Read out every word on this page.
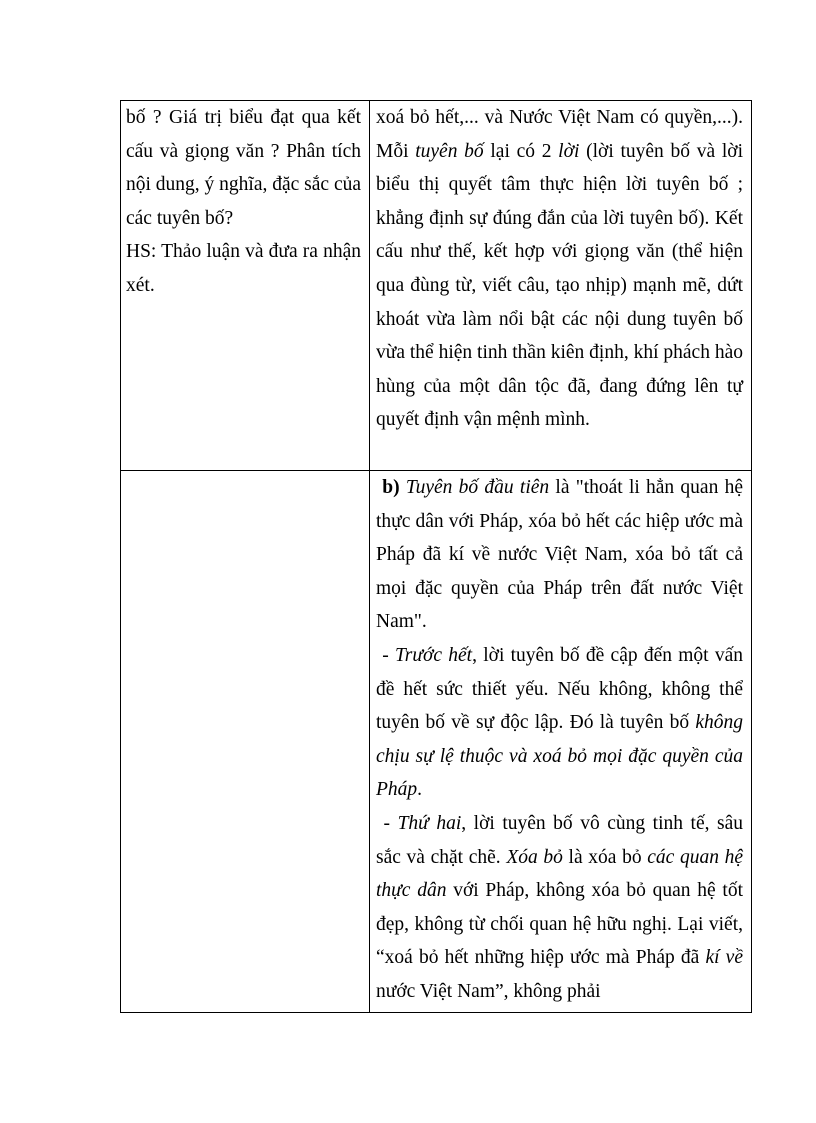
bố ? Giá trị biểu đạt qua kết cấu và giọng văn ? Phân tích nội dung, ý nghĩa, đặc sắc của các tuyên bố?

HS: Thảo luận và đưa ra nhận xét.	xoá bỏ hết,... và Nước Việt Nam có quyền,...). Mỗi tuyên bố lại có 2 lời (lời tuyên bố và lời biểu thị quyết tâm thực hiện lời tuyên bố ; khẳng định sự đúng đắn của lời tuyên bố). Kết cấu như thế, kết hợp với giọng văn (thể hiện qua đùng từ, viết câu, tạo nhịp) mạnh mẽ, dứt khoát vừa làm nổi bật các nội dung tuyên bố vừa thể hiện tinh thần kiên định, khí phách hào hùng của một dân tộc đã, đang đứng lên tự quyết định vận mệnh mình.

	b) Tuyên bố đầu tiên là "thoát li hẳn quan hệ thực dân với Pháp, xóa bỏ hết các hiệp ước mà Pháp đã kí về nước Việt Nam, xóa bỏ tất cả mọi đặc quyền của Pháp trên đất nước Việt Nam".

- Trước hết, lời tuyên bố đề cập đến một vấn đề hết sức thiết yếu. Nếu không, không thể tuyên bố về sự độc lập. Đó là tuyên bố không chịu sự lệ thuộc và xoá bỏ mọi đặc quyền của Pháp.

- Thứ hai, lời tuyên bố vô cùng tinh tế, sâu sắc và chặt chẽ. Xóa bỏ là xóa bỏ các quan hệ thực dân với Pháp, không xóa bỏ quan hệ tốt đẹp, không từ chối quan hệ hữu nghị. Lại viết, “xoá bỏ hết những hiệp ước mà Pháp đã kí về nước Việt Nam”, không phải
